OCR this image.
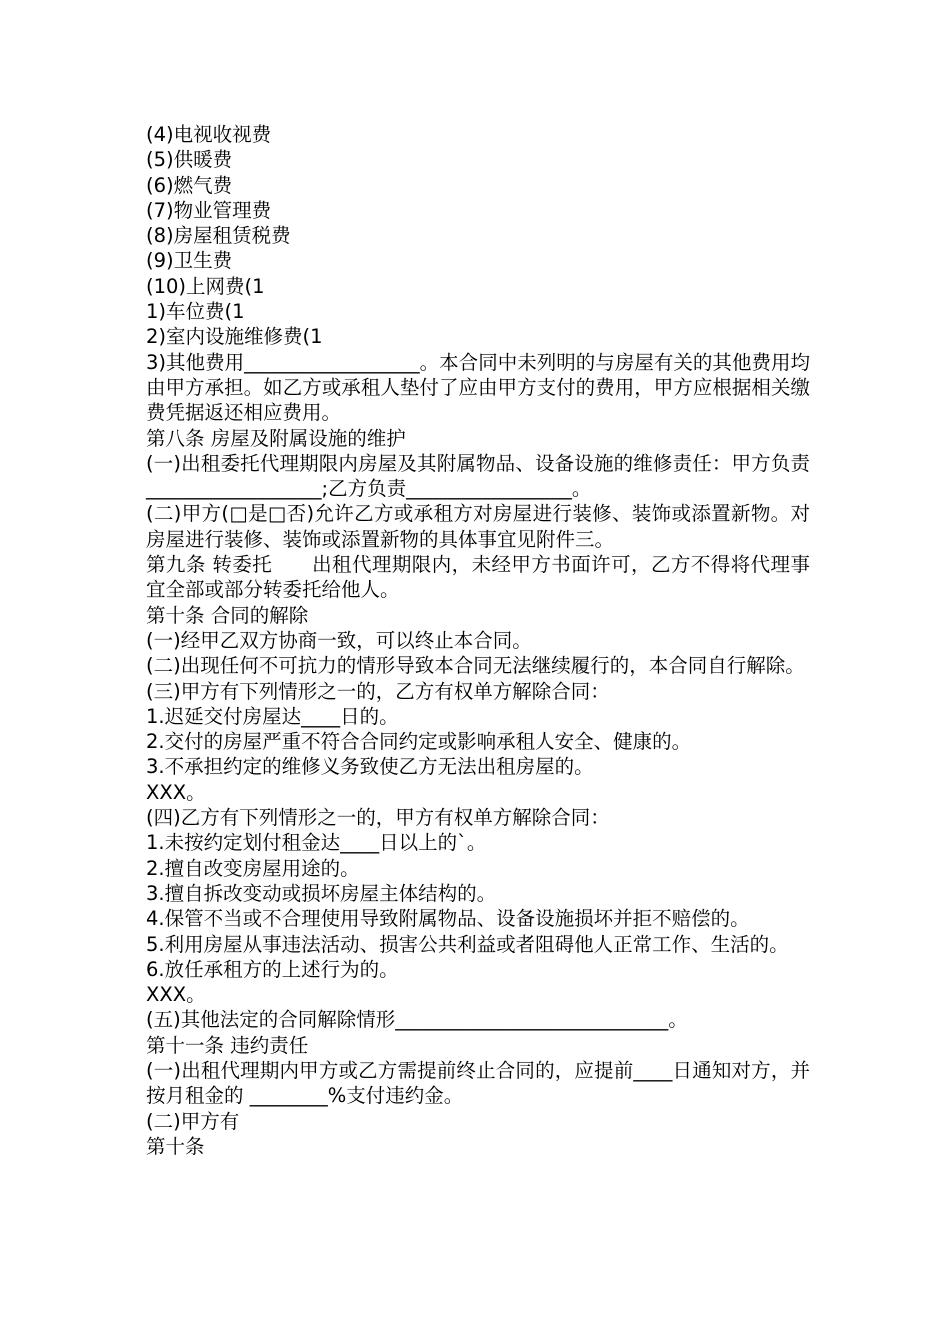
(4)电视收视费
(5)供暖费
(6)燃气费
(7)物业管理费
(8)房屋租赁税费
(9)卫生费
(10)上网费(1
1)车位费(1
2)室内设施维修费(1
3)其他费用__________________。本合同中未列明的与房屋有关的其他费用均由甲方承担。如乙方或承租人垫付了应由甲方支付的费用，甲方应根据相关缴费凭据返还相应费用。
第八条 房屋及附属设施的维护
(一)出租委托代理期限内房屋及其附属物品、设备设施的维修责任：甲方负责__________________;乙方负责_________________。
(二)甲方(□是□否)允许乙方或承租方对房屋进行装修、装饰或添置新物。对房屋进行装修、装饰或添置新物的具体事宜见附件三。
第九条 转委托　　出租代理期限内，未经甲方书面许可，乙方不得将代理事宜全部或部分转委托给他人。
第十条 合同的解除
(一)经甲乙双方协商一致，可以终止本合同。
(二)出现任何不可抗力的情形导致本合同无法继续履行的，本合同自行解除。
(三)甲方有下列情形之一的，乙方有权单方解除合同：
1.迟延交付房屋达____日的。
2.交付的房屋严重不符合合同约定或影响承租人安全、健康的。
3.不承担约定的维修义务致使乙方无法出租房屋的。
XXX。
(四)乙方有下列情形之一的，甲方有权单方解除合同：
1.未按约定划付租金达____日以上的`。
2.擅自改变房屋用途的。
3.擅自拆改变动或损坏房屋主体结构的。
4.保管不当或不合理使用导致附属物品、设备设施损坏并拒不赔偿的。
5.利用房屋从事违法活动、损害公共利益或者阻碍他人正常工作、生活的。
6.放任承租方的上述行为的。
XXX。
(五)其他法定的合同解除情形____________________________。
第十一条 违约责任
(一)出租代理期内甲方或乙方需提前终止合同的，应提前____日通知对方，并按月租金的 ________%支付违约金。
(二)甲方有
第十条
